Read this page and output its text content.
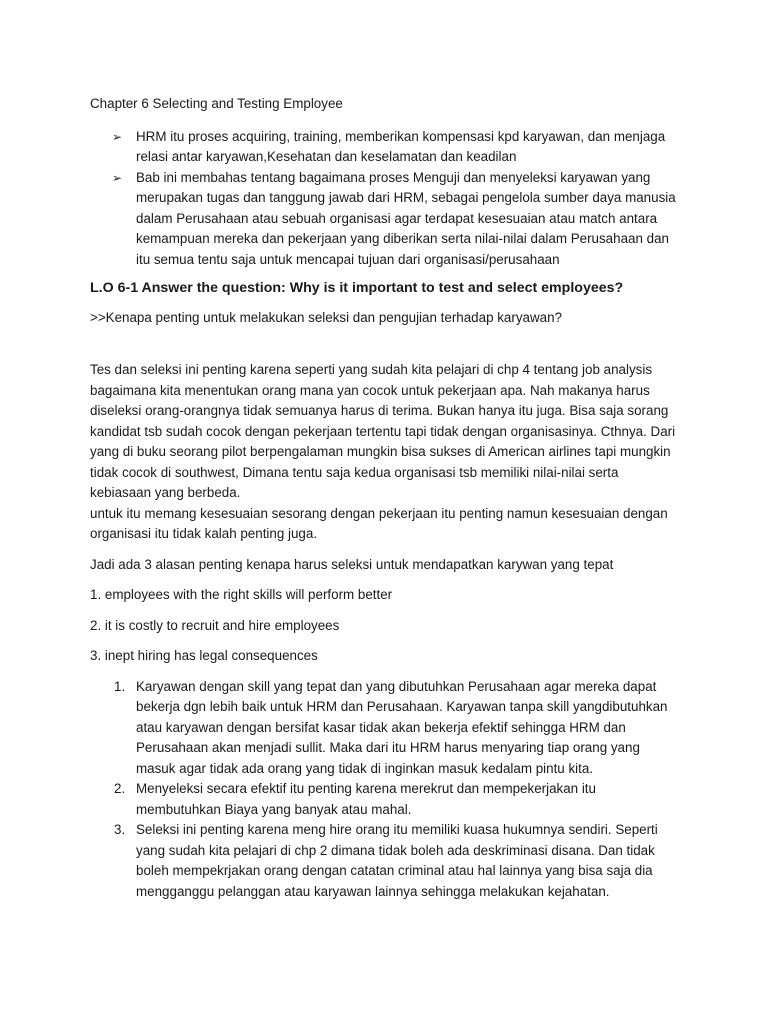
Chapter 6 Selecting and Testing Employee

➢ HRM itu proses acquiring, training, memberikan kompensasi kpd karyawan, dan menjaga relasi antar karyawan,Kesehatan dan keselamatan dan keadilan
➢ Bab ini membahas tentang bagaimana proses Menguji dan menyeleksi karyawan yang merupakan tugas dan tanggung jawab dari HRM, sebagai pengelola sumber daya manusia dalam Perusahaan atau sebuah organisasi agar terdapat kesesuaian atau match antara kemampuan mereka dan pekerjaan yang diberikan serta nilai-nilai dalam Perusahaan dan itu semua tentu saja untuk mencapai tujuan dari organisasi/perusahaan

L.O 6-1 Answer the question: Why is it important to test and select employees?

>>Kenapa penting untuk melakukan seleksi dan pengujian terhadap karyawan?

Tes dan seleksi ini penting karena seperti yang sudah kita pelajari di chp 4 tentang job analysis bagaimana kita menentukan orang mana yan cocok untuk pekerjaan apa. Nah makanya harus diseleksi orang-orangnya tidak semuanya harus di terima. Bukan hanya itu juga. Bisa saja sorang kandidat tsb sudah cocok dengan pekerjaan tertentu tapi tidak dengan organisasinya. Cthnya. Dari yang di buku seorang pilot berpengalaman mungkin bisa sukses di American airlines tapi mungkin tidak cocok di southwest, Dimana tentu saja kedua organisasi tsb memiliki nilai-nilai serta kebiasaan yang berbeda.

untuk itu memang kesesuaian sesorang dengan pekerjaan itu penting namun kesesuaian dengan organisasi itu tidak kalah penting juga.

Jadi ada 3 alasan penting kenapa harus seleksi untuk mendapatkan karywan yang tepat

1. employees with the right skills will perform better

2. it is costly to recruit and hire employees

3. inept hiring has legal consequences

1. Karyawan dengan skill yang tepat dan yang dibutuhkan Perusahaan agar mereka dapat bekerja dgn lebih baik untuk HRM dan Perusahaan. Karyawan tanpa skill yangdibutuhkan atau karyawan dengan bersifat kasar tidak akan bekerja efektif sehingga HRM dan Perusahaan akan menjadi sullit. Maka dari itu HRM harus menyaring tiap orang yang masuk agar tidak ada orang yang tidak di inginkan masuk kedalam pintu kita.
2. Menyeleksi secara efektif itu penting karena merekrut dan mempekerjakan itu membutuhkan Biaya yang banyak atau mahal.
3. Seleksi ini penting karena meng hire orang itu memiliki kuasa hukumnya sendiri. Seperti yang sudah kita pelajari di chp 2 dimana tidak boleh ada deskriminasi disana. Dan tidak boleh mempekrjakan orang dengan catatan criminal atau hal lainnya yang bisa saja dia mengganggu pelanggan atau karyawan lainnya sehingga melakukan kejahatan.
